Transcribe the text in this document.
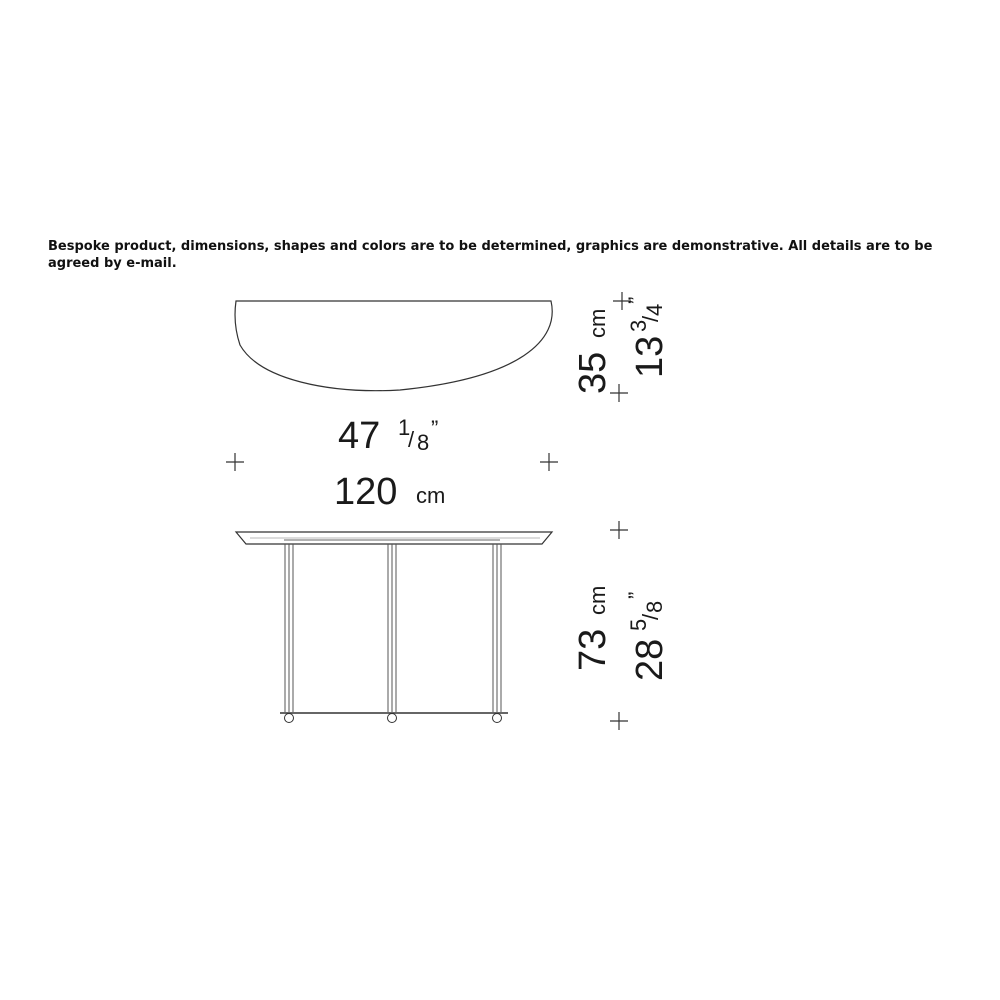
Bespoke product, dimensions, shapes and colors are to be determined, graphics are demonstrative. All details are to be agreed by e-mail.

35
cm
13
3
/
4
”
47 1
/ 8
”
120 cm
73
cm
28
5
/
8
”
